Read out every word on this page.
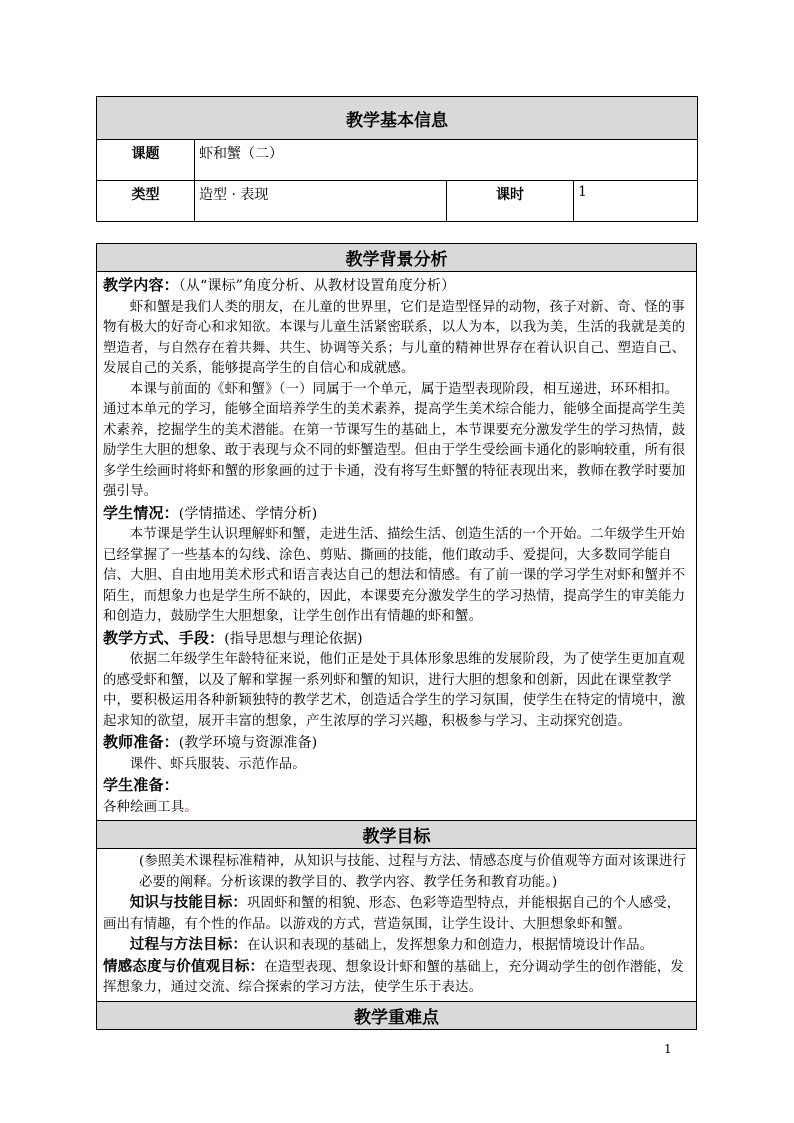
教学基本信息			
课题	虾和蟹（二）		
类型	造型 · 表现	课时	1
教学背景分析

教学内容：（从“课标”角度分析、从教材设置角度分析）

虾和蟹是我们人类的朋友，在儿童的世界里，它们是造型怪异的动物，孩子对新、奇、怪的事物有极大的好奇心和求知欲。本课与儿童生活紧密联系，以人为本，以我为美，生活的我就是美的塑造者，与自然存在着共舞、共生、协调等关系；与儿童的精神世界存在着认识自己、塑造自己、发展自己的关系，能够提高学生的自信心和成就感。

本课与前面的《虾和蟹》（一）同属于一个单元，属于造型表现阶段，相互递进，环环相扣。通过本单元的学习，能够全面培养学生的美术素养，提高学生美术综合能力，能够全面提高学生美术素养，挖掘学生的美术潜能。在第一节课写生的基础上，本节课要充分激发学生的学习热情，鼓励学生大胆的想象、敢于表现与众不同的虾蟹造型。但由于学生受绘画卡通化的影响较重，所有很多学生绘画时将虾和蟹的形象画的过于卡通，没有将写生虾蟹的特征表现出来，教师在教学时要加强引导。

学生情况：(学情描述、学情分析)

本节课是学生认识理解虾和蟹，走进生活、描绘生活、创造生活的一个开始。二年级学生开始已经掌握了一些基本的勾线、涂色、剪贴、撕画的技能，他们敢动手、爱提问，大多数同学能自信、大胆、自由地用美术形式和语言表达自己的想法和情感。有了前一课的学习学生对虾和蟹并不陌生，而想象力也是学生所不缺的，因此，本课要充分激发学生的学习热情，提高学生的审美能力和创造力，鼓励学生大胆想象，让学生创作出有情趣的虾和蟹。

教学方式、手段：(指导思想与理论依据)

依据二年级学生年龄特征来说，他们正是处于具体形象思维的发展阶段，为了使学生更加直观的感受虾和蟹，以及了解和掌握一系列虾和蟹的知识，进行大胆的想象和创新，因此在课堂教学中，要积极运用各种新颖独特的教学艺术，创造适合学生的学习氛围，使学生在特定的情境中，激起求知的欲望，展开丰富的想象，产生浓厚的学习兴趣，积极参与学习、主动探究创造。

教师准备：(教学环境与资源准备)

课件、虾兵服装、示范作品。

学生准备：

各种绘画工具。

教学目标

(参照美术课程标准精神，从知识与技能、过程与方法、情感态度与价值观等方面对该课进行必要的阐释。分析该课的教学目的、教学内容、教学任务和教育功能。)

知识与技能目标：巩固虾和蟹的相貌、形态、色彩等造型特点，并能根据自己的个人感受，画出有情趣，有个性的作品。以游戏的方式，营造氛围，让学生设计、大胆想象虾和蟹。

过程与方法目标：在认识和表现的基础上，发挥想象力和创造力，根据情境设计作品。

情感态度与价值观目标：在造型表现、想象设计虾和蟹的基础上，充分调动学生的创作潜能，发挥想象力，通过交流、综合探索的学习方法，使学生乐于表达。

教学重难点
1
